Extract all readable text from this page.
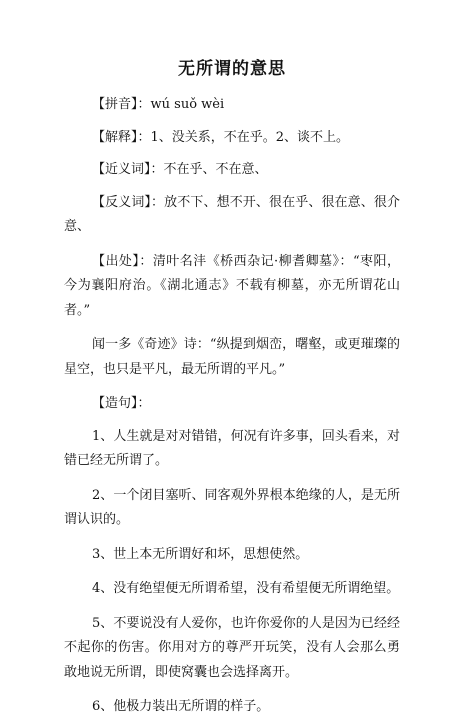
无所谓的意思

【拼音】：wú suǒ wèi

【解释】：1、没关系，不在乎。2、谈不上。

【近义词】：不在乎、不在意、

【反义词】：放不下、想不开、很在乎、很在意、很介意、

【出处】：清叶名沣《桥西杂记·柳耆卿墓》：“枣阳，今为襄阳府治。《湖北通志》不载有柳墓，亦无所谓花山者。”

闻一多《奇迹》诗：“纵提到烟峦，曙壑，或更璀璨的星空，也只是平凡，最无所谓的平凡。”

【造句】：

1、人生就是对对错错，何况有许多事，回头看来，对错已经无所谓了。

2、一个闭目塞听、同客观外界根本绝缘的人，是无所谓认识的。

3、世上本无所谓好和坏，思想使然。

4、没有绝望便无所谓希望，没有希望便无所谓绝望。

5、不要说没有人爱你，也许你爱你的人是因为已经经不起你的伤害。你用对方的尊严开玩笑，没有人会那么勇敢地说无所谓，即使窝囊也会选择离开。

6、他极力装出无所谓的样子。
